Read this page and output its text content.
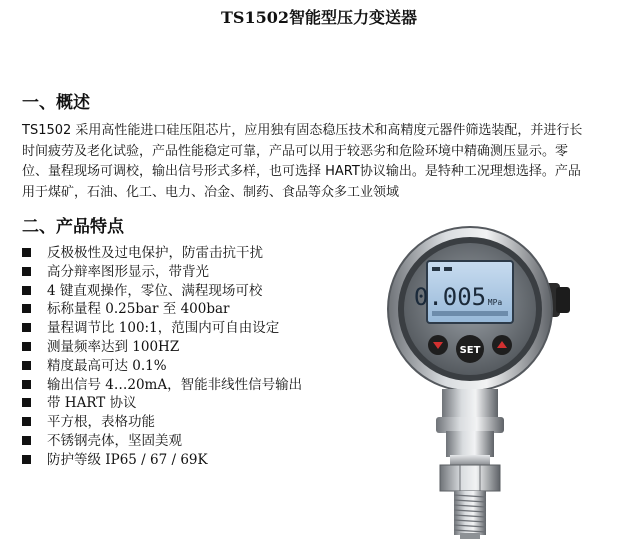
TS1502智能型压力变送器
一、概述
TS1502 采用高性能进口硅压阻芯片，应用独有固态稳压技术和高精度元器件筛选装配，并进行长时间疲劳及老化试验，产品性能稳定可靠，产品可以用于较恶劣和危险环境中精确测压显示。零位、量程现场可调校，输出信号形式多样，也可选择 HART协议输出。是特种工况理想选择。产品用于煤矿，石油、化工、电力、冶金、制药、食品等众多工业领域
二、产品特点
反极极性及过电保护，防雷击抗干扰
高分辩率图形显示，带背光
4 键直观操作，零位、满程现场可校
标称量程 0.25bar 至 400bar
量程调节比 100:1，范围内可自由设定
测量频率达到 100HZ
精度最高可达 0.1%
输出信号 4…20mA，智能非线性信号输出
带 HART 协议
平方根，表格功能
不锈钢壳体，坚固美观
防护等级 IP65 / 67 / 69K
0.005 MPa
SET
